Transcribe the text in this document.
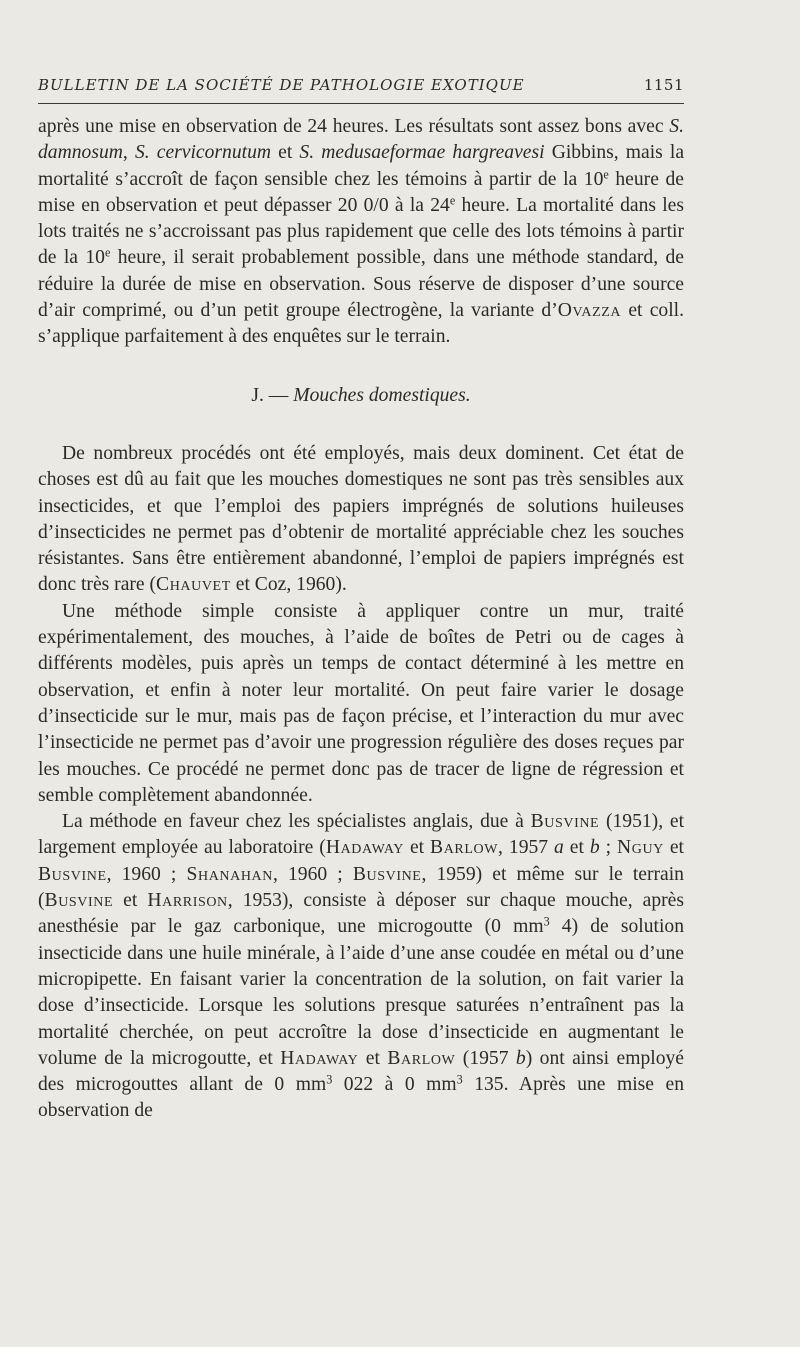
BULLETIN DE LA SOCIÉTÉ DE PATHOLOGIE EXOTIQUE	1151

après une mise en observation de 24 heures. Les résultats sont assez bons avec S. damnosum, S. cervicornutum et S. medusaeformae hargreavesi Gibbins, mais la mortalité s’accroît de façon sensible chez les témoins à partir de la 10e heure de mise en observation et peut dépasser 20 0/0 à la 24e heure. La mortalité dans les lots traités ne s’accroissant pas plus rapidement que celle des lots témoins à partir de la 10e heure, il serait probablement possible, dans une méthode standard, de réduire la durée de mise en observation. Sous réserve de disposer d’une source d’air comprimé, ou d’un petit groupe électrogène, la variante d’Ovazza et coll. s’applique parfaitement à des enquêtes sur le terrain.

J. — Mouches domestiques.

De nombreux procédés ont été employés, mais deux dominent. Cet état de choses est dû au fait que les mouches domestiques ne sont pas très sensibles aux insecticides, et que l’emploi des papiers imprégnés de solutions huileuses d’insecticides ne permet pas d’obtenir de mortalité appréciable chez les souches résistantes. Sans être entièrement abandonné, l’emploi de papiers imprégnés est donc très rare (Chauvet et Coz, 1960).

Une méthode simple consiste à appliquer contre un mur, traité expérimentalement, des mouches, à l’aide de boîtes de Petri ou de cages à différents modèles, puis après un temps de contact déterminé à les mettre en observation, et enfin à noter leur mortalité. On peut faire varier le dosage d’insecticide sur le mur, mais pas de façon précise, et l’interaction du mur avec l’insecticide ne permet pas d’avoir une progression régulière des doses reçues par les mouches. Ce procédé ne permet donc pas de tracer de ligne de régression et semble complètement abandonnée.

La méthode en faveur chez les spécialistes anglais, due à Busvine (1951), et largement employée au laboratoire (Hadaway et Barlow, 1957 a et b ; Nguy et Busvine, 1960 ; Shanahan, 1960 ; Busvine, 1959) et même sur le terrain (Busvine et Harrison, 1953), consiste à déposer sur chaque mouche, après anesthésie par le gaz carbonique, une microgoutte (0 $mm^3$ 4) de solution insecticide dans une huile minérale, à l’aide d’une anse coudée en métal ou d’une micropipette. En faisant varier la concentration de la solution, on fait varier la dose d’insecticide. Lorsque les solutions presque saturées n’entraînent pas la mortalité cherchée, on peut accroître la dose d’insecticide en augmentant le volume de la microgoutte, et Hadaway et Barlow (1957 b) ont ainsi employé des microgouttes allant de 0 $mm^3$ 022 à 0 $mm^3$ 135. Après une mise en observation de
